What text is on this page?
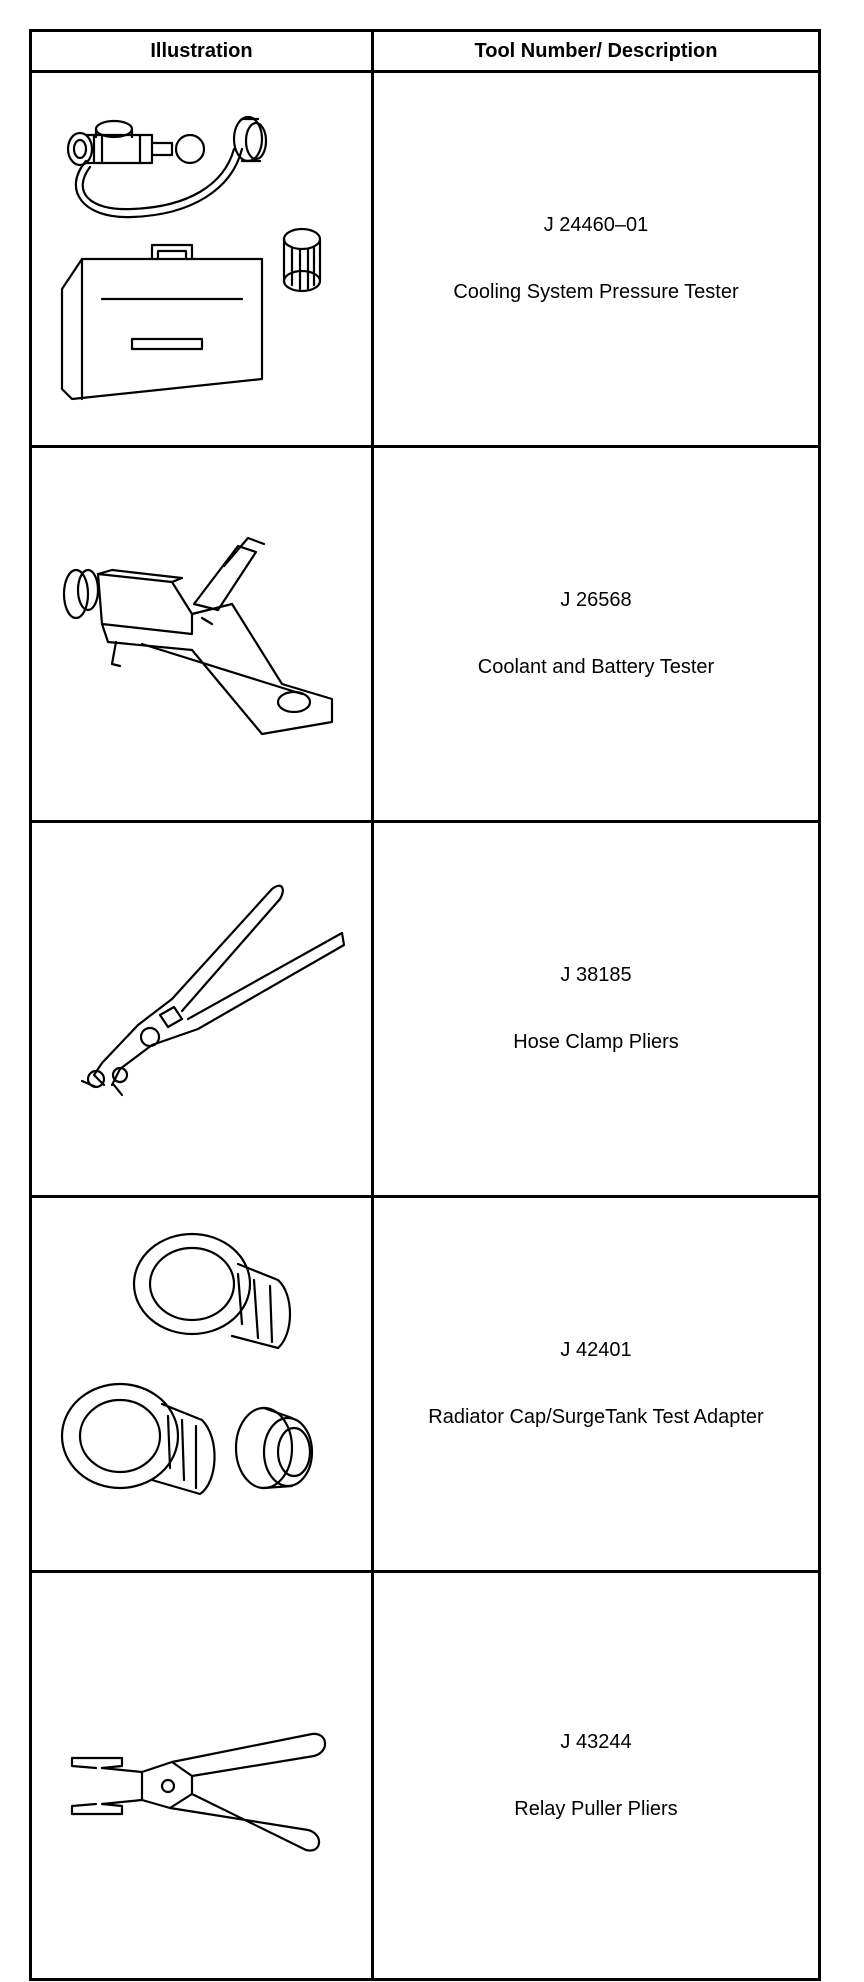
Illustration	Tool Number/ Description

J 24460–01
Cooling System Pressure Tester

J 26568
Coolant and Battery Tester

J 38185
Hose Clamp Pliers

J 42401
Radiator Cap/SurgeTank Test Adapter

J 43244
Relay Puller Pliers
